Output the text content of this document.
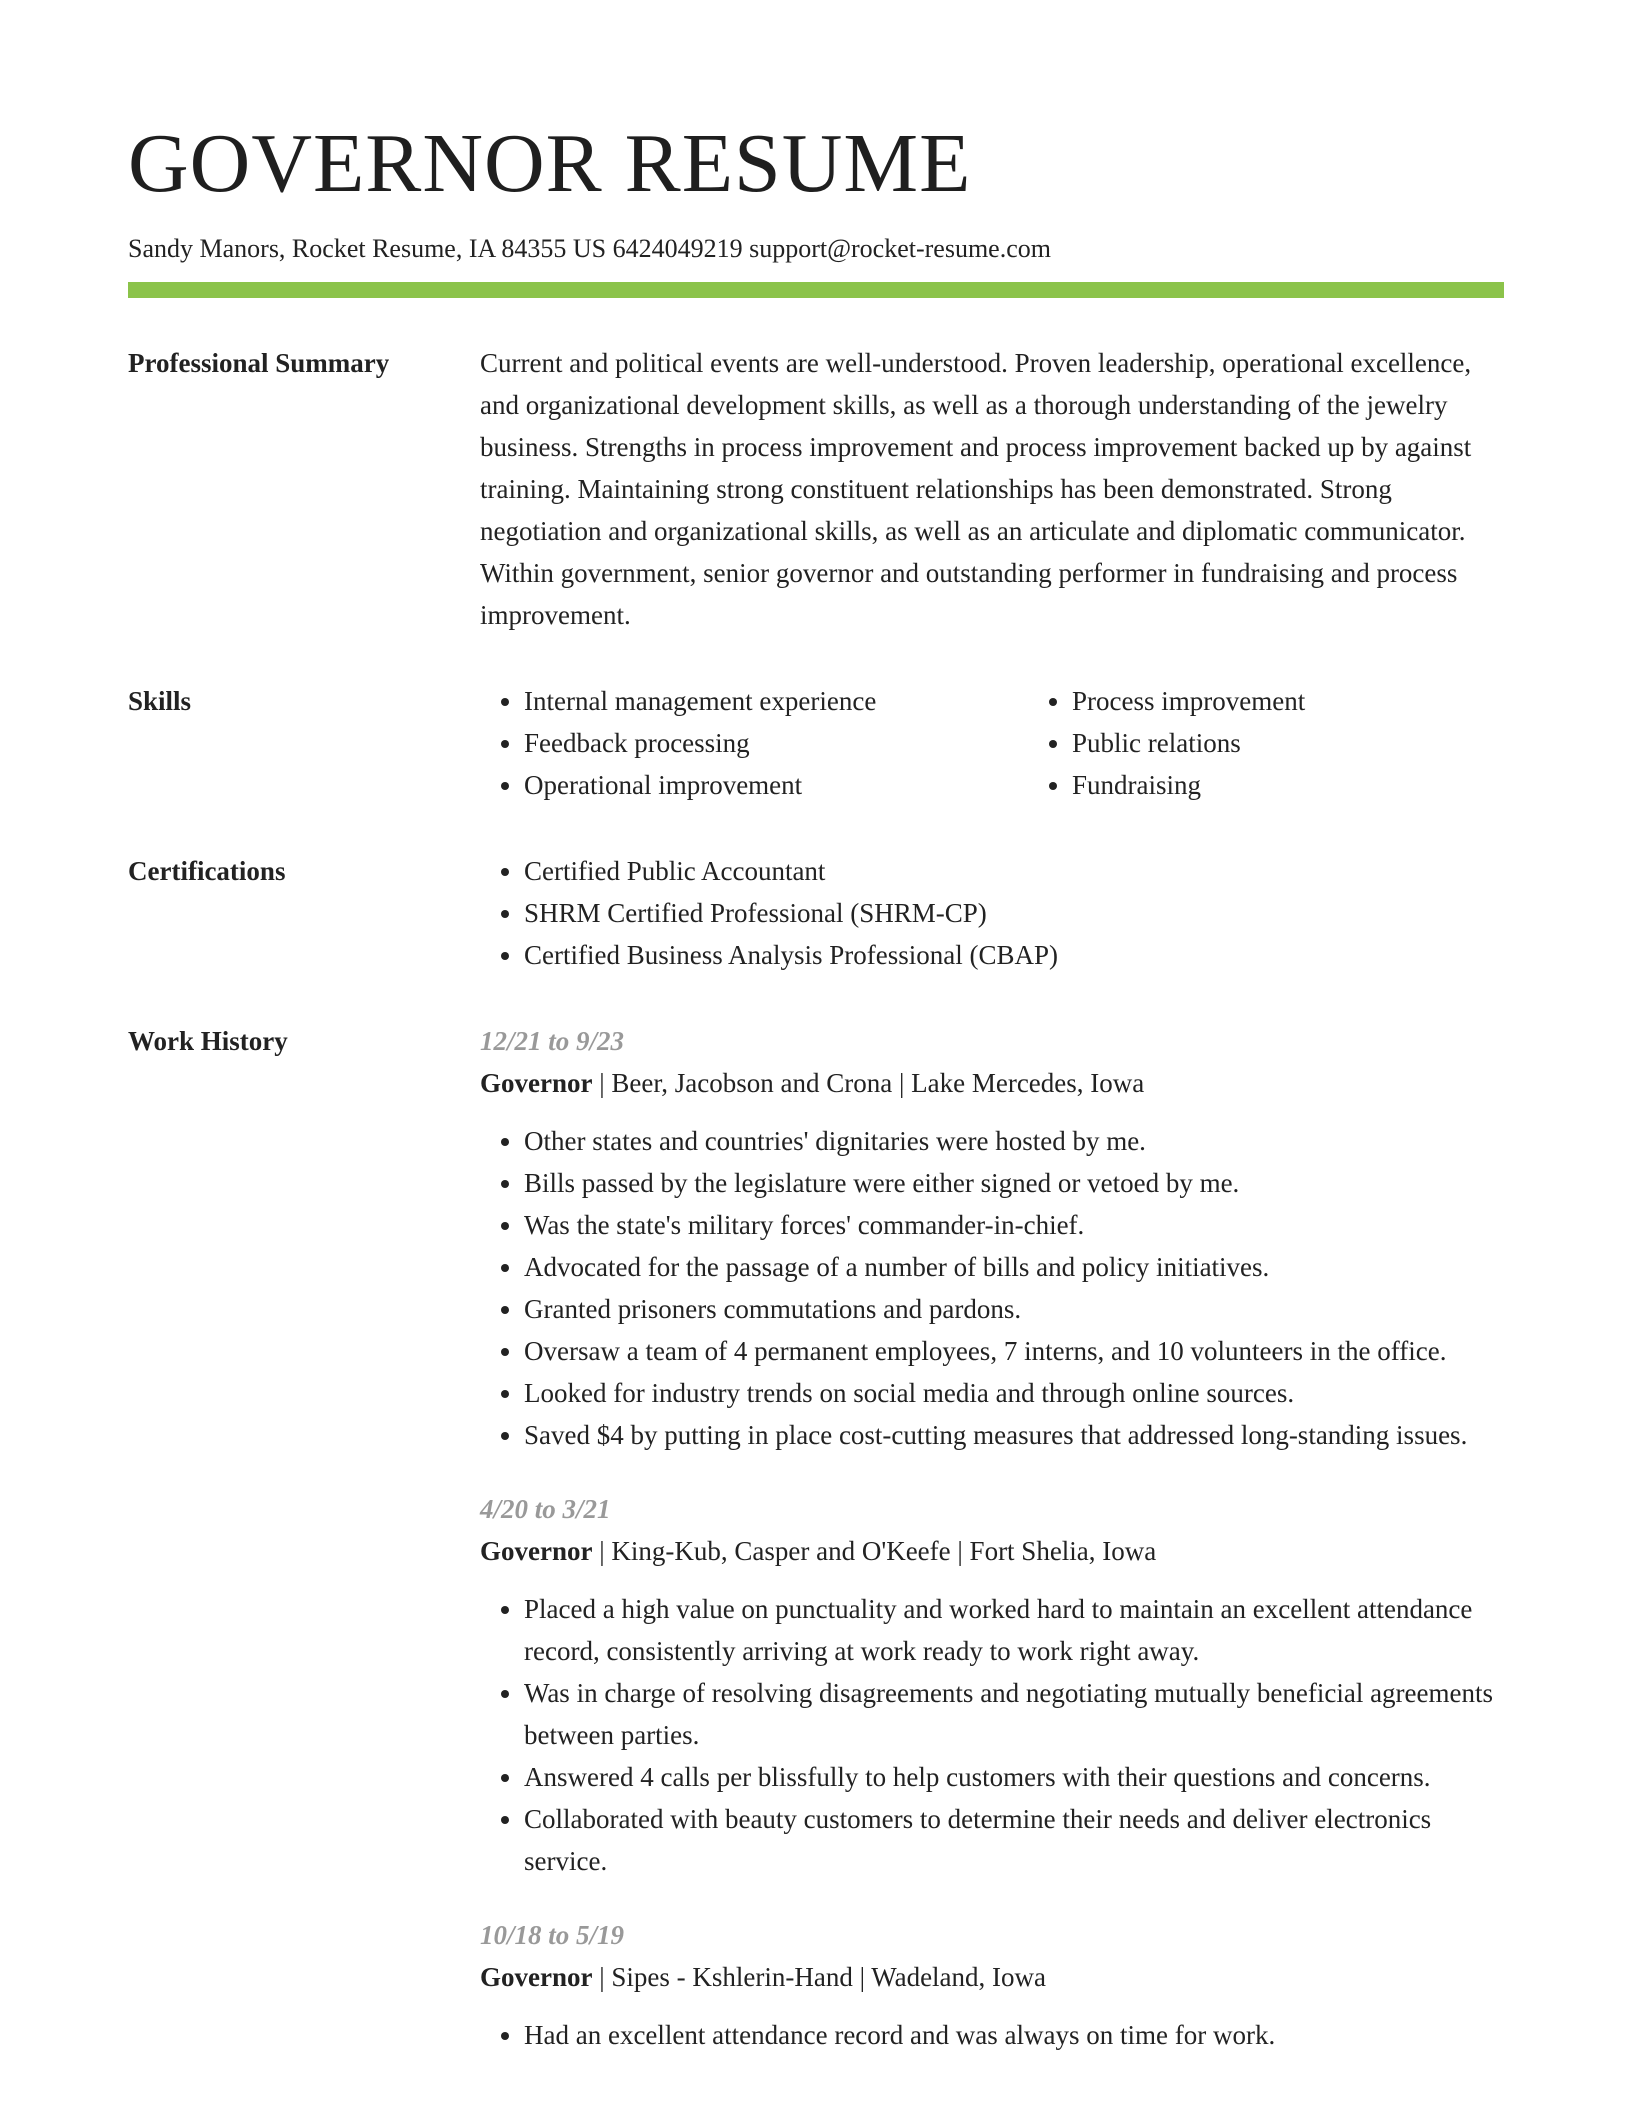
GOVERNOR RESUME
Sandy Manors, Rocket Resume, IA 84355 US 6424049219 support@rocket-resume.com
Professional Summary	Current and political events are well-understood. Proven leadership, operational excellence, and organizational development skills, as well as a thorough understanding of the jewelry business. Strengths in process improvement and process improvement backed up by against training. Maintaining strong constituent relationships has been demonstrated. Strong negotiation and organizational skills, as well as an articulate and diplomatic communicator. Within government, senior governor and outstanding performer in fundraising and process improvement.
Skills	• Internal management experience
• Feedback processing
• Operational improvement
• Process improvement
• Public relations
• Fundraising
Certifications	• Certified Public Accountant
• SHRM Certified Professional (SHRM-CP)
• Certified Business Analysis Professional (CBAP)
Work History	12/21 to 9/23
Governor | Beer, Jacobson and Crona | Lake Mercedes, Iowa
• Other states and countries' dignitaries were hosted by me.
• Bills passed by the legislature were either signed or vetoed by me.
• Was the state's military forces' commander-in-chief.
• Advocated for the passage of a number of bills and policy initiatives.
• Granted prisoners commutations and pardons.
• Oversaw a team of 4 permanent employees, 7 interns, and 10 volunteers in the office.
• Looked for industry trends on social media and through online sources.
• Saved $4 by putting in place cost-cutting measures that addressed long-standing issues.
4/20 to 3/21
Governor | King-Kub, Casper and O'Keefe | Fort Shelia, Iowa
• Placed a high value on punctuality and worked hard to maintain an excellent attendance record, consistently arriving at work ready to work right away.
• Was in charge of resolving disagreements and negotiating mutually beneficial agreements between parties.
• Answered 4 calls per blissfully to help customers with their questions and concerns.
• Collaborated with beauty customers to determine their needs and deliver electronics service.
10/18 to 5/19
Governor | Sipes - Kshlerin-Hand | Wadeland, Iowa
• Had an excellent attendance record and was always on time for work.
